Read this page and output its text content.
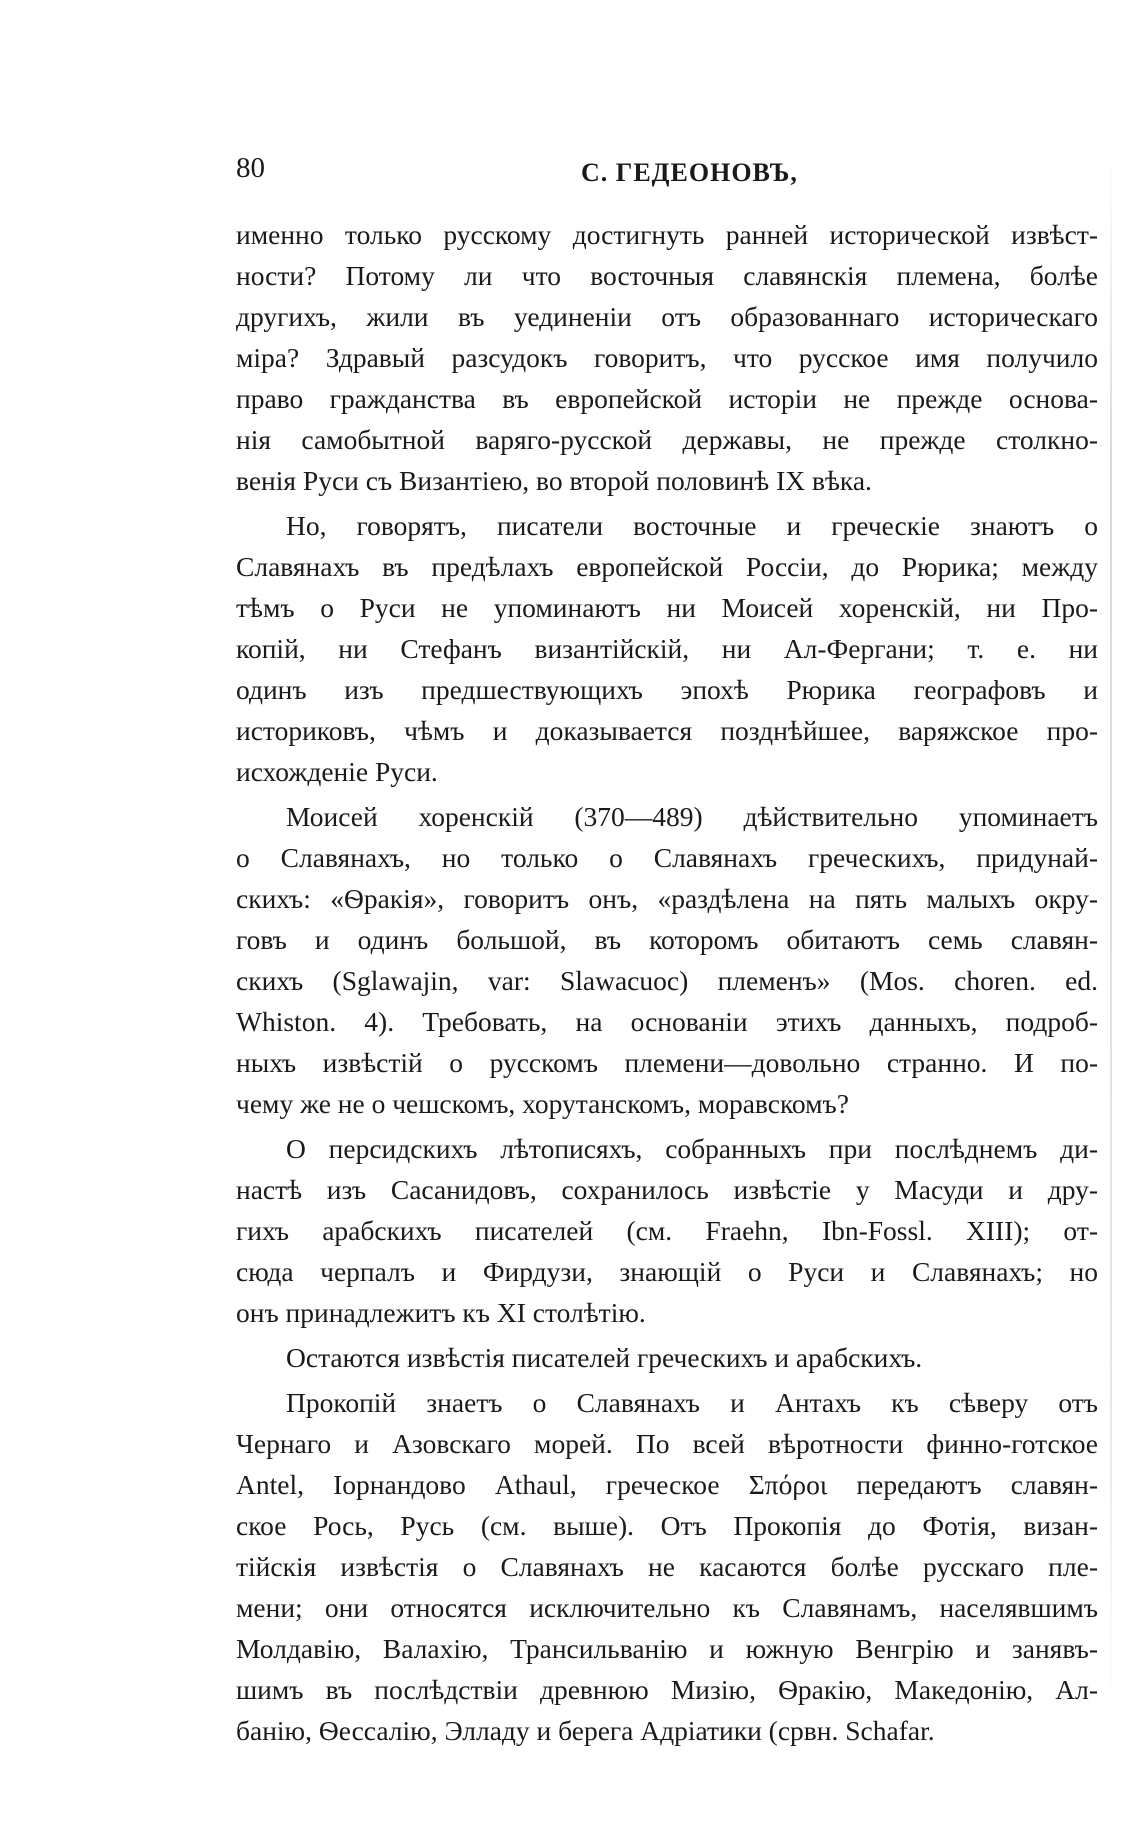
80	С. ГЕДЕОНОВЪ,
именно только русскому достигнуть ранней исторической извѣст-
ности? Потому ли что восточныя славянскія племена, болѣе
другихъ, жили въ уединеніи отъ образованнаго историческаго
міра? Здравый разсудокъ говоритъ, что русское имя получило
право гражданства въ европейской исторіи не прежде основа-
нія самобытной варяго-русской державы, не прежде столкно-
венія Руси съ Византіею, во второй половинѣ IX вѣка.
Но, говорятъ, писатели восточные и греческіе знаютъ о
Славянахъ въ предѣлахъ европейской Россіи, до Рюрика; между
тѣмъ о Руси не упоминаютъ ни Моисей хоренскій, ни Про-
копій, ни Стефанъ византійскій, ни Ал-Фергани; т. е. ни
одинъ изъ предшествующихъ эпохѣ Рюрика географовъ и
историковъ, чѣмъ и доказывается позднѣйшее, варяжское про-
исхожденіе Руси.
Моисей хоренскій (370—489) дѣйствительно упоминаетъ
о Славянахъ, но только о Славянахъ греческихъ, придунай-
скихъ: «Ѳракія», говоритъ онъ, «раздѣлена на пять малыхъ окру-
говъ и одинъ большой, въ которомъ обитаютъ семь славян-
скихъ (Sglawajin, var: Slawacuoc) племенъ» (Mos. choren. ed.
Whiston. 4). Требовать, на основаніи этихъ данныхъ, подроб-
ныхъ извѣстій о русскомъ племени—довольно странно. И по-
чему же не о чешскомъ, хорутанскомъ, моравскомъ?
О персидскихъ лѣтописяхъ, собранныхъ при послѣднемъ ди-
настѣ изъ Сасанидовъ, сохранилось извѣстіе у Масуди и дру-
гихъ арабскихъ писателей (см. Fraehn, Ibn-Fossl. XIII); от-
сюда черпалъ и Фирдузи, знающій о Руси и Славянахъ; но
онъ принадлежитъ къ XI столѣтію.
Остаются извѣстія писателей греческихъ и арабскихъ.
Прокопій знаетъ о Славянахъ и Антахъ къ сѣверу отъ
Чернаго и Азовскаго морей. По всей вѣротности финно-готское
Antel, Іорнандово Athaul, греческое Σπόροι передаютъ славян-
ское Рось, Русь (см. выше). Отъ Прокопія до Фотія, визан-
тійскія извѣстія о Славянахъ не касаются болѣе русскаго пле-
мени; они относятся исключительно къ Славянамъ, населявшимъ
Молдавію, Валахію, Трансильванію и южную Венгрію и занявъ-
шимъ въ послѣдствіи древнюю Мизію, Ѳракію, Македонію, Ал-
банію, Ѳессалію, Элладу и берега Адріатики (срвн. Schafar.
